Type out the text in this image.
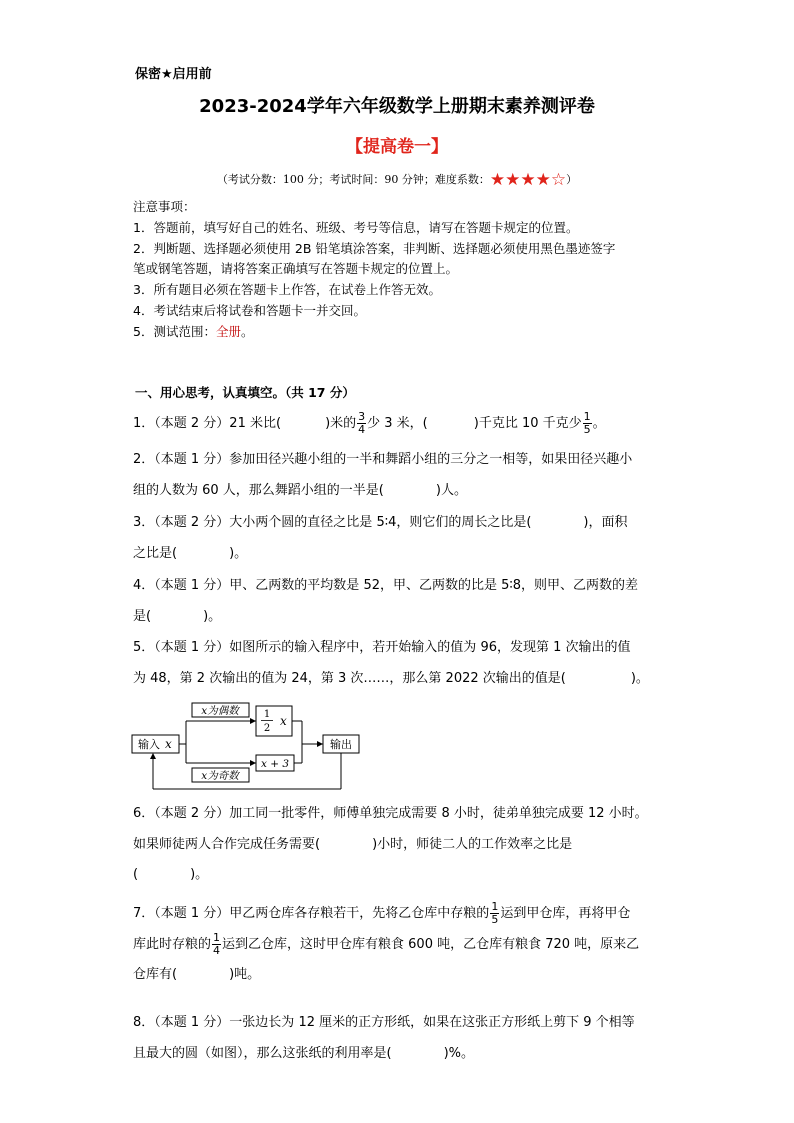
保密★启用前
2023-2024学年六年级数学上册期末素养测评卷
【提高卷一】
（考试分数：100 分；考试时间：90 分钟；难度系数：★★★★☆）
注意事项：
1．答题前，填写好自己的姓名、班级、考号等信息，请写在答题卡规定的位置。
2．判断题、选择题必须使用 2B 铅笔填涂答案，非判断、选择题必须使用黑色墨迹签字
笔或钢笔答题，请将答案正确填写在答题卡规定的位置上。
3．所有题目必须在答题卡上作答，在试卷上作答无效。
4．考试结束后将试卷和答题卡一并交回。
5．测试范围：全册。
一、用心思考，认真填空。（共 17 分）
1．（本题 2 分）21 米比(	)米的 $\frac{3}{4}$ 少 3 米，(	)千克比 10 千克少 $\frac{1}{5}$ 。
2．（本题 1 分）参加田径兴趣小组的一半和舞蹈小组的三分之一相等，如果田径兴趣小
组的人数为 60 人，那么舞蹈小组的一半是(　　　　)人。
3．（本题 2 分）大小两个圆的直径之比是 5∶4，则它们的周长之比是(　　　　)，面积
之比是(　　　　)。
4．（本题 1 分）甲、乙两数的平均数是 52，甲、乙两数的比是 5∶8，则甲、乙两数的差
是(　　　　)。
5．（本题 1 分）如图所示的输入程序中，若开始输入的值为 96，发现第 1 次输出的值
为 48，第 2 次输出的值为 24，第 3 次……，那么第 2022 次输出的值是(　　　　　)。
输入 x
x为偶数
x为奇数
1
2
x
x + 3
输出
6．（本题 2 分）加工同一批零件，师傅单独完成需要 8 小时，徒弟单独完成要 12 小时。
如果师徒两人合作完成任务需要(　　　　)小时，师徒二人的工作效率之比是
(　　　　)。
7．（本题 1 分）甲乙两仓库各存粮若干，先将乙仓库中存粮的 $\frac{1}{5}$ 运到甲仓库，再将甲仓
库此时存粮的 $\frac{1}{4}$ 运到乙仓库，这时甲仓库有粮食 600 吨，乙仓库有粮食 720 吨，原来乙
仓库有(　　　　)吨。
8．（本题 1 分）一张边长为 12 厘米的正方形纸，如果在这张正方形纸上剪下 9 个相等
且最大的圆（如图），那么这张纸的利用率是(　　　　)%。
